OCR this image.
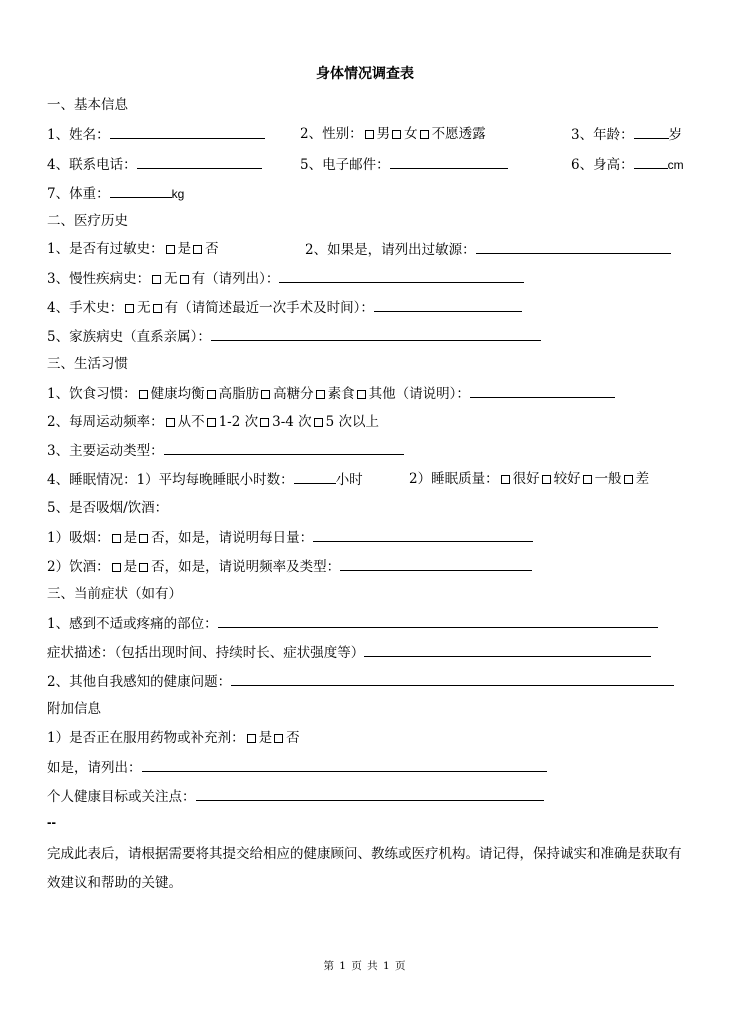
身体情况调查表
一、基本信息
1、姓名：	2、性别： 男 女 不愿透露	3、年龄：	岁
4、联系电话：	5、电子邮件：	6、身高：	cm
7、体重：	kg
二、医疗历史
1、是否有过敏史： 是 否	2、如果是，请列出过敏源：
3、慢性疾病史： 无 有（请列出）：
4、手术史： 无 有（请简述最近一次手术及时间）：
5、家族病史（直系亲属）：
三、生活习惯
1、饮食习惯： 健康均衡 高脂肪 高糖分 素食 其他（请说明）：
2、每周运动频率： 从不 1-2 次 3-4 次 5 次以上
3、主要运动类型：
4、睡眠情况：1）平均每晚睡眠小时数：	小时	2）睡眠质量： 很好 较好 一般 差
5、是否吸烟/饮酒：
1）吸烟： 是 否，如是，请说明每日量：
2）饮酒： 是 否，如是，请说明频率及类型：
三、当前症状（如有）
1、感到不适或疼痛的部位：
症状描述：（包括出现时间、持续时长、症状强度等）
2、其他自我感知的健康问题：
附加信息
1）是否正在服用药物或补充剂： 是 否
如是，请列出：
个人健康目标或关注点：
--
完成此表后，请根据需要将其提交给相应的健康顾问、教练或医疗机构。请记得，保持诚实和准确是获取有效建议和帮助的关键。
第 1 页 共 1 页
